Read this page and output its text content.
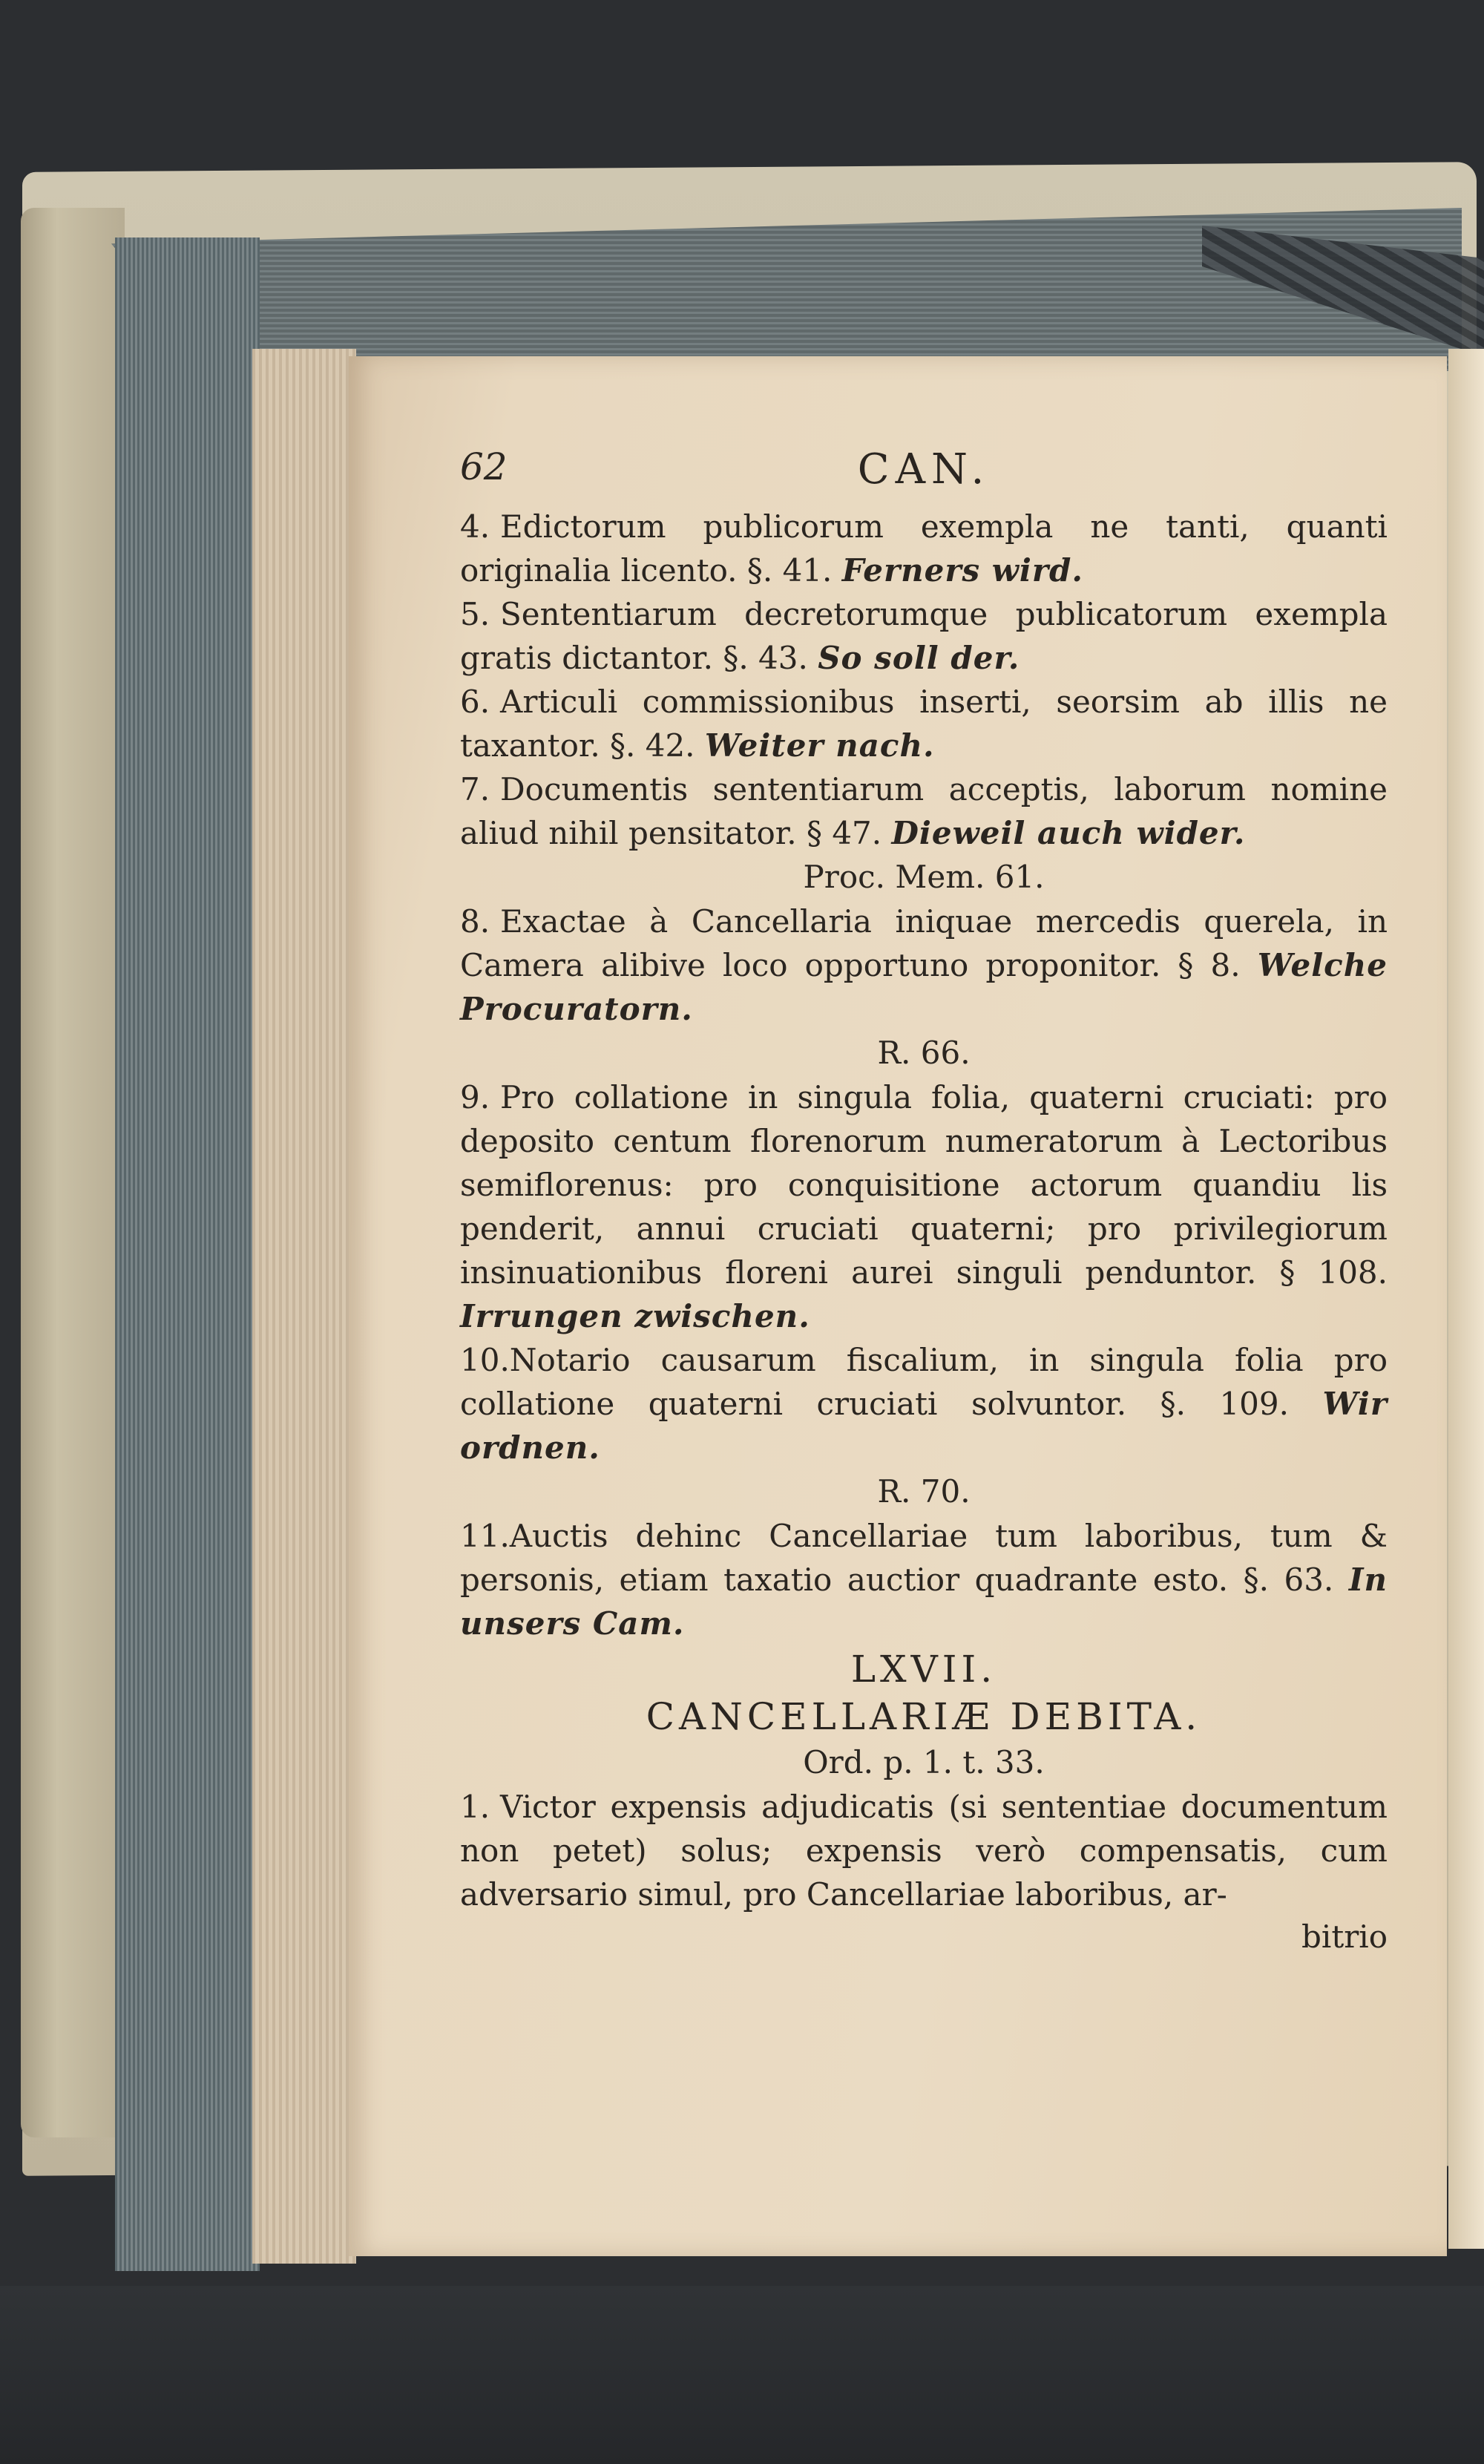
62	CAN.

4. Edictorum publicorum exempla ne tanti, quanti originalia licento. §. 41. Ferners wird.

5. Sententiarum decretorumque publicatorum exempla gratis dictantor. §. 43. So soll der.

6. Articuli commissionibus inserti, seorsim ab illis ne taxantor. §. 42. Weiter nach.

7. Documentis sententiarum acceptis, laborum nomine aliud nihil pensitator. § 47. Dieweil auch wider.

Proc. Mem. 61.

8. Exactae à Cancellaria iniquae mercedis querela, in Camera alibive loco opportuno proponitor. § 8. Welche Procuratorn.

R. 66.

9. Pro collatione in singula folia, quaterni cruciati: pro deposito centum florenorum numeratorum à Lectoribus semiflorenus: pro conquisitione actorum quandiu lis penderit, annui cruciati quaterni; pro privilegiorum insinuationibus floreni aurei singuli penduntor. § 108. Irrungen zwischen.

10.Notario causarum fiscalium, in singula folia pro collatione quaterni cruciati solvuntor. §. 109. Wir ordnen.

R. 70.

11.Auctis dehinc Cancellariae tum laboribus, tum & personis, etiam taxatio auctior quadrante esto. §. 63. In unsers Cam.

LXVII.

CANCELLARIÆ DEBITA.

Ord. p. 1. t. 33.

1. Victor expensis adjudicatis (si sententiae documentum non petet) solus; expensis verò compensatis, cum adversario simul, pro Cancellariae laboribus, ar-

bitrio
